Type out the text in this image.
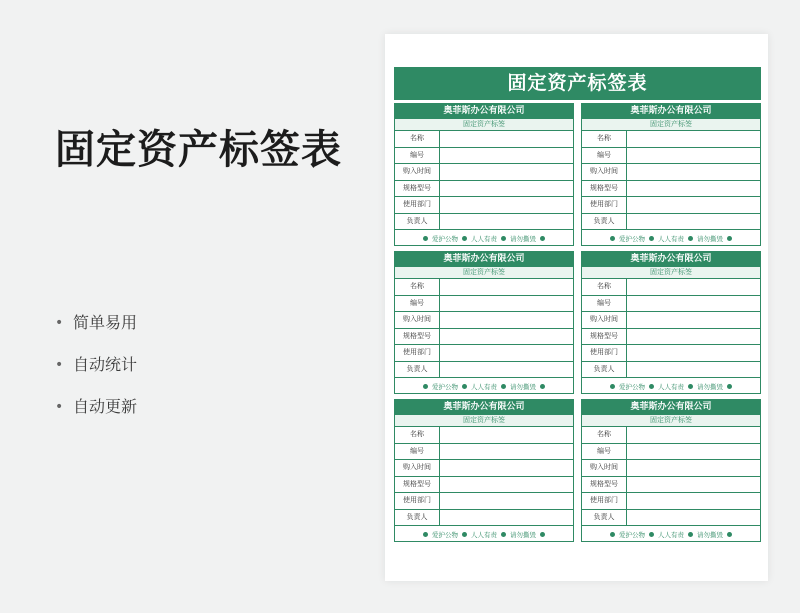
固定资产标签表
• 简单易用
• 自动统计
• 自动更新
固定资产标签表
奥菲斯办公有限公司
固定资产标签
名称
编号
购入时间
规格型号
使用部门
负责人
爱护公物 人人有责 请勿撕毁
奥菲斯办公有限公司
固定资产标签
名称
编号
购入时间
规格型号
使用部门
负责人
爱护公物 人人有责 请勿撕毁
奥菲斯办公有限公司
固定资产标签
名称
编号
购入时间
规格型号
使用部门
负责人
爱护公物 人人有责 请勿撕毁
奥菲斯办公有限公司
固定资产标签
名称
编号
购入时间
规格型号
使用部门
负责人
爱护公物 人人有责 请勿撕毁
奥菲斯办公有限公司
固定资产标签
名称
编号
购入时间
规格型号
使用部门
负责人
爱护公物 人人有责 请勿撕毁
奥菲斯办公有限公司
固定资产标签
名称
编号
购入时间
规格型号
使用部门
负责人
爱护公物 人人有责 请勿撕毁
